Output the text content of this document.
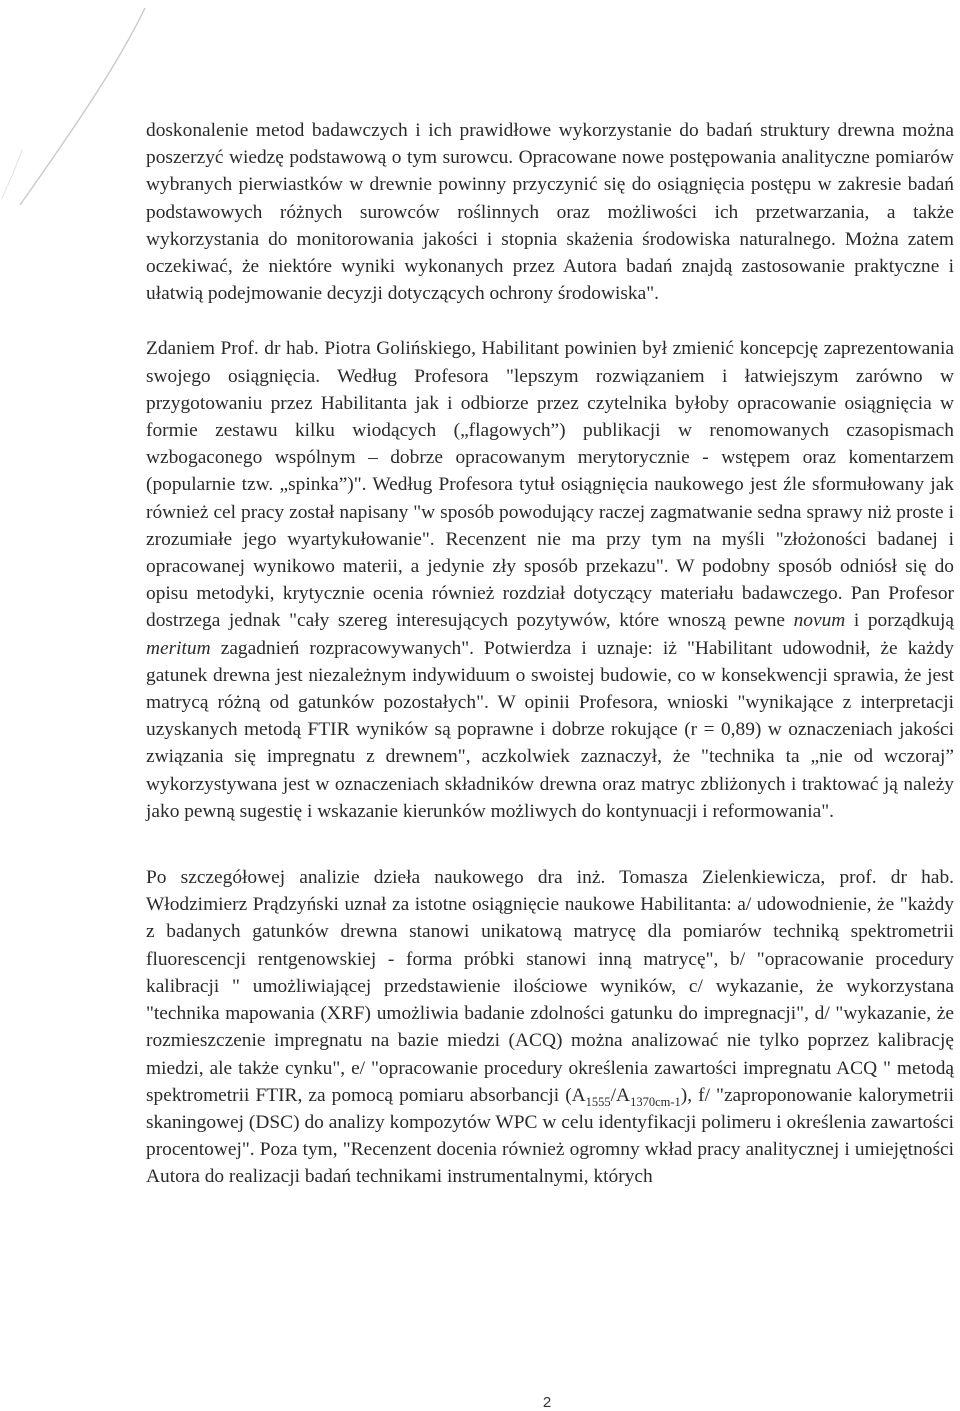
doskonalenie metod badawczych i ich prawidłowe wykorzystanie do badań struktury drewna można poszerzyć wiedzę podstawową o tym surowcu. Opracowane nowe postępowania analityczne pomiarów wybranych pierwiastków w drewnie powinny przyczynić się do osiągnięcia postępu w zakresie badań podstawowych różnych surowców roślinnych oraz możliwości ich przetwarzania, a także wykorzystania do monitorowania jakości i stopnia skażenia środowiska naturalnego. Można zatem oczekiwać, że niektóre wyniki wykonanych przez Autora badań znajdą zastosowanie praktyczne i ułatwią podejmowanie decyzji dotyczących ochrony środowiska".

Zdaniem Prof. dr hab. Piotra Golińskiego, Habilitant powinien był zmienić koncepcję zaprezentowania swojego osiągnięcia. Według Profesora "lepszym rozwiązaniem i łatwiejszym zarówno w przygotowaniu przez Habilitanta jak i odbiorze przez czytelnika byłoby opracowanie osiągnięcia w formie zestawu kilku wiodących („flagowych”) publikacji w renomowanych czasopismach wzbogaconego wspólnym – dobrze opracowanym merytorycznie - wstępem oraz komentarzem (popularnie tzw. „spinka”)". Według Profesora tytuł osiągnięcia naukowego jest źle sformułowany jak również cel pracy został napisany "w sposób powodujący raczej zagmatwanie sedna sprawy niż proste i zrozumiałe jego wyartykułowanie". Recenzent nie ma przy tym na myśli "złożoności badanej i opracowanej wynikowo materii, a jedynie zły sposób przekazu". W podobny sposób odniósł się do opisu metodyki, krytycznie ocenia również rozdział dotyczący materiału badawczego. Pan Profesor dostrzega jednak "cały szereg interesujących pozytywów, które wnoszą pewne novum i porządkują meritum zagadnień rozpracowywanych". Potwierdza i uznaje: iż "Habilitant udowodnił, że każdy gatunek drewna jest niezależnym indywiduum o swoistej budowie, co w konsekwencji sprawia, że jest matrycą różną od gatunków pozostałych". W opinii Profesora, wnioski "wynikające z interpretacji uzyskanych metodą FTIR wyników są poprawne i dobrze rokujące (r = 0,89) w oznaczeniach jakości związania się impregnatu z drewnem", aczkolwiek zaznaczył, że "technika ta „nie od wczoraj” wykorzystywana jest w oznaczeniach składników drewna oraz matryc zbliżonych i traktować ją należy jako pewną sugestię i wskazanie kierunków możliwych do kontynuacji i reformowania".

Po szczegółowej analizie dzieła naukowego dra inż. Tomasza Zielenkiewicza, prof. dr hab. Włodzimierz Prądzyński uznał za istotne osiągnięcie naukowe Habilitanta: a/ udowodnienie, że "każdy z badanych gatunków drewna stanowi unikatową matrycę dla pomiarów techniką spektrometrii fluorescencji rentgenowskiej - forma próbki stanowi inną matrycę", b/ "opracowanie procedury kalibracji " umożliwiającej przedstawienie ilościowe wyników, c/ wykazanie, że wykorzystana "technika mapowania (XRF) umożliwia badanie zdolności gatunku do impregnacji", d/ "wykazanie, że rozmieszczenie impregnatu na bazie miedzi (ACQ) można analizować nie tylko poprzez kalibrację miedzi, ale także cynku", e/ "opracowanie procedury określenia zawartości impregnatu ACQ " metodą spektrometrii FTIR, za pomocą pomiaru absorbancji $(A_{1555}/A_{1370cm-1})$, f/ "zaproponowanie kalorymetrii skaningowej (DSC) do analizy kompozytów WPC w celu identyfikacji polimeru i określenia zawartości procentowej". Poza tym, "Recenzent docenia również ogromny wkład pracy analitycznej i umiejętności Autora do realizacji badań technikami instrumentalnymi, których

2
